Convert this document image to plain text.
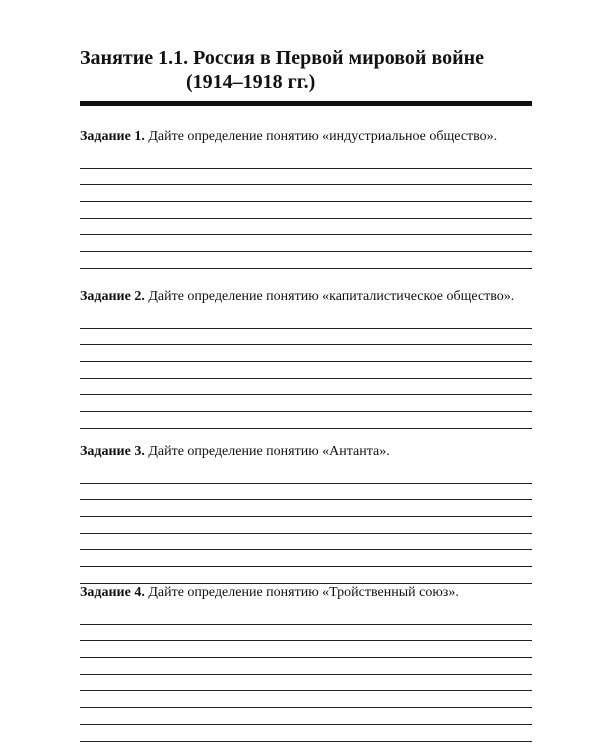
Занятие 1.1. Россия в Первой мировой войне
(1914–1918 гг.)
Задание 1. Дайте определение понятию «индустриальное общество».
Задание 2. Дайте определение понятию «капиталистическое общество».
Задание 3. Дайте определение понятию «Антанта».
Задание 4. Дайте определение понятию «Тройственный союз».
